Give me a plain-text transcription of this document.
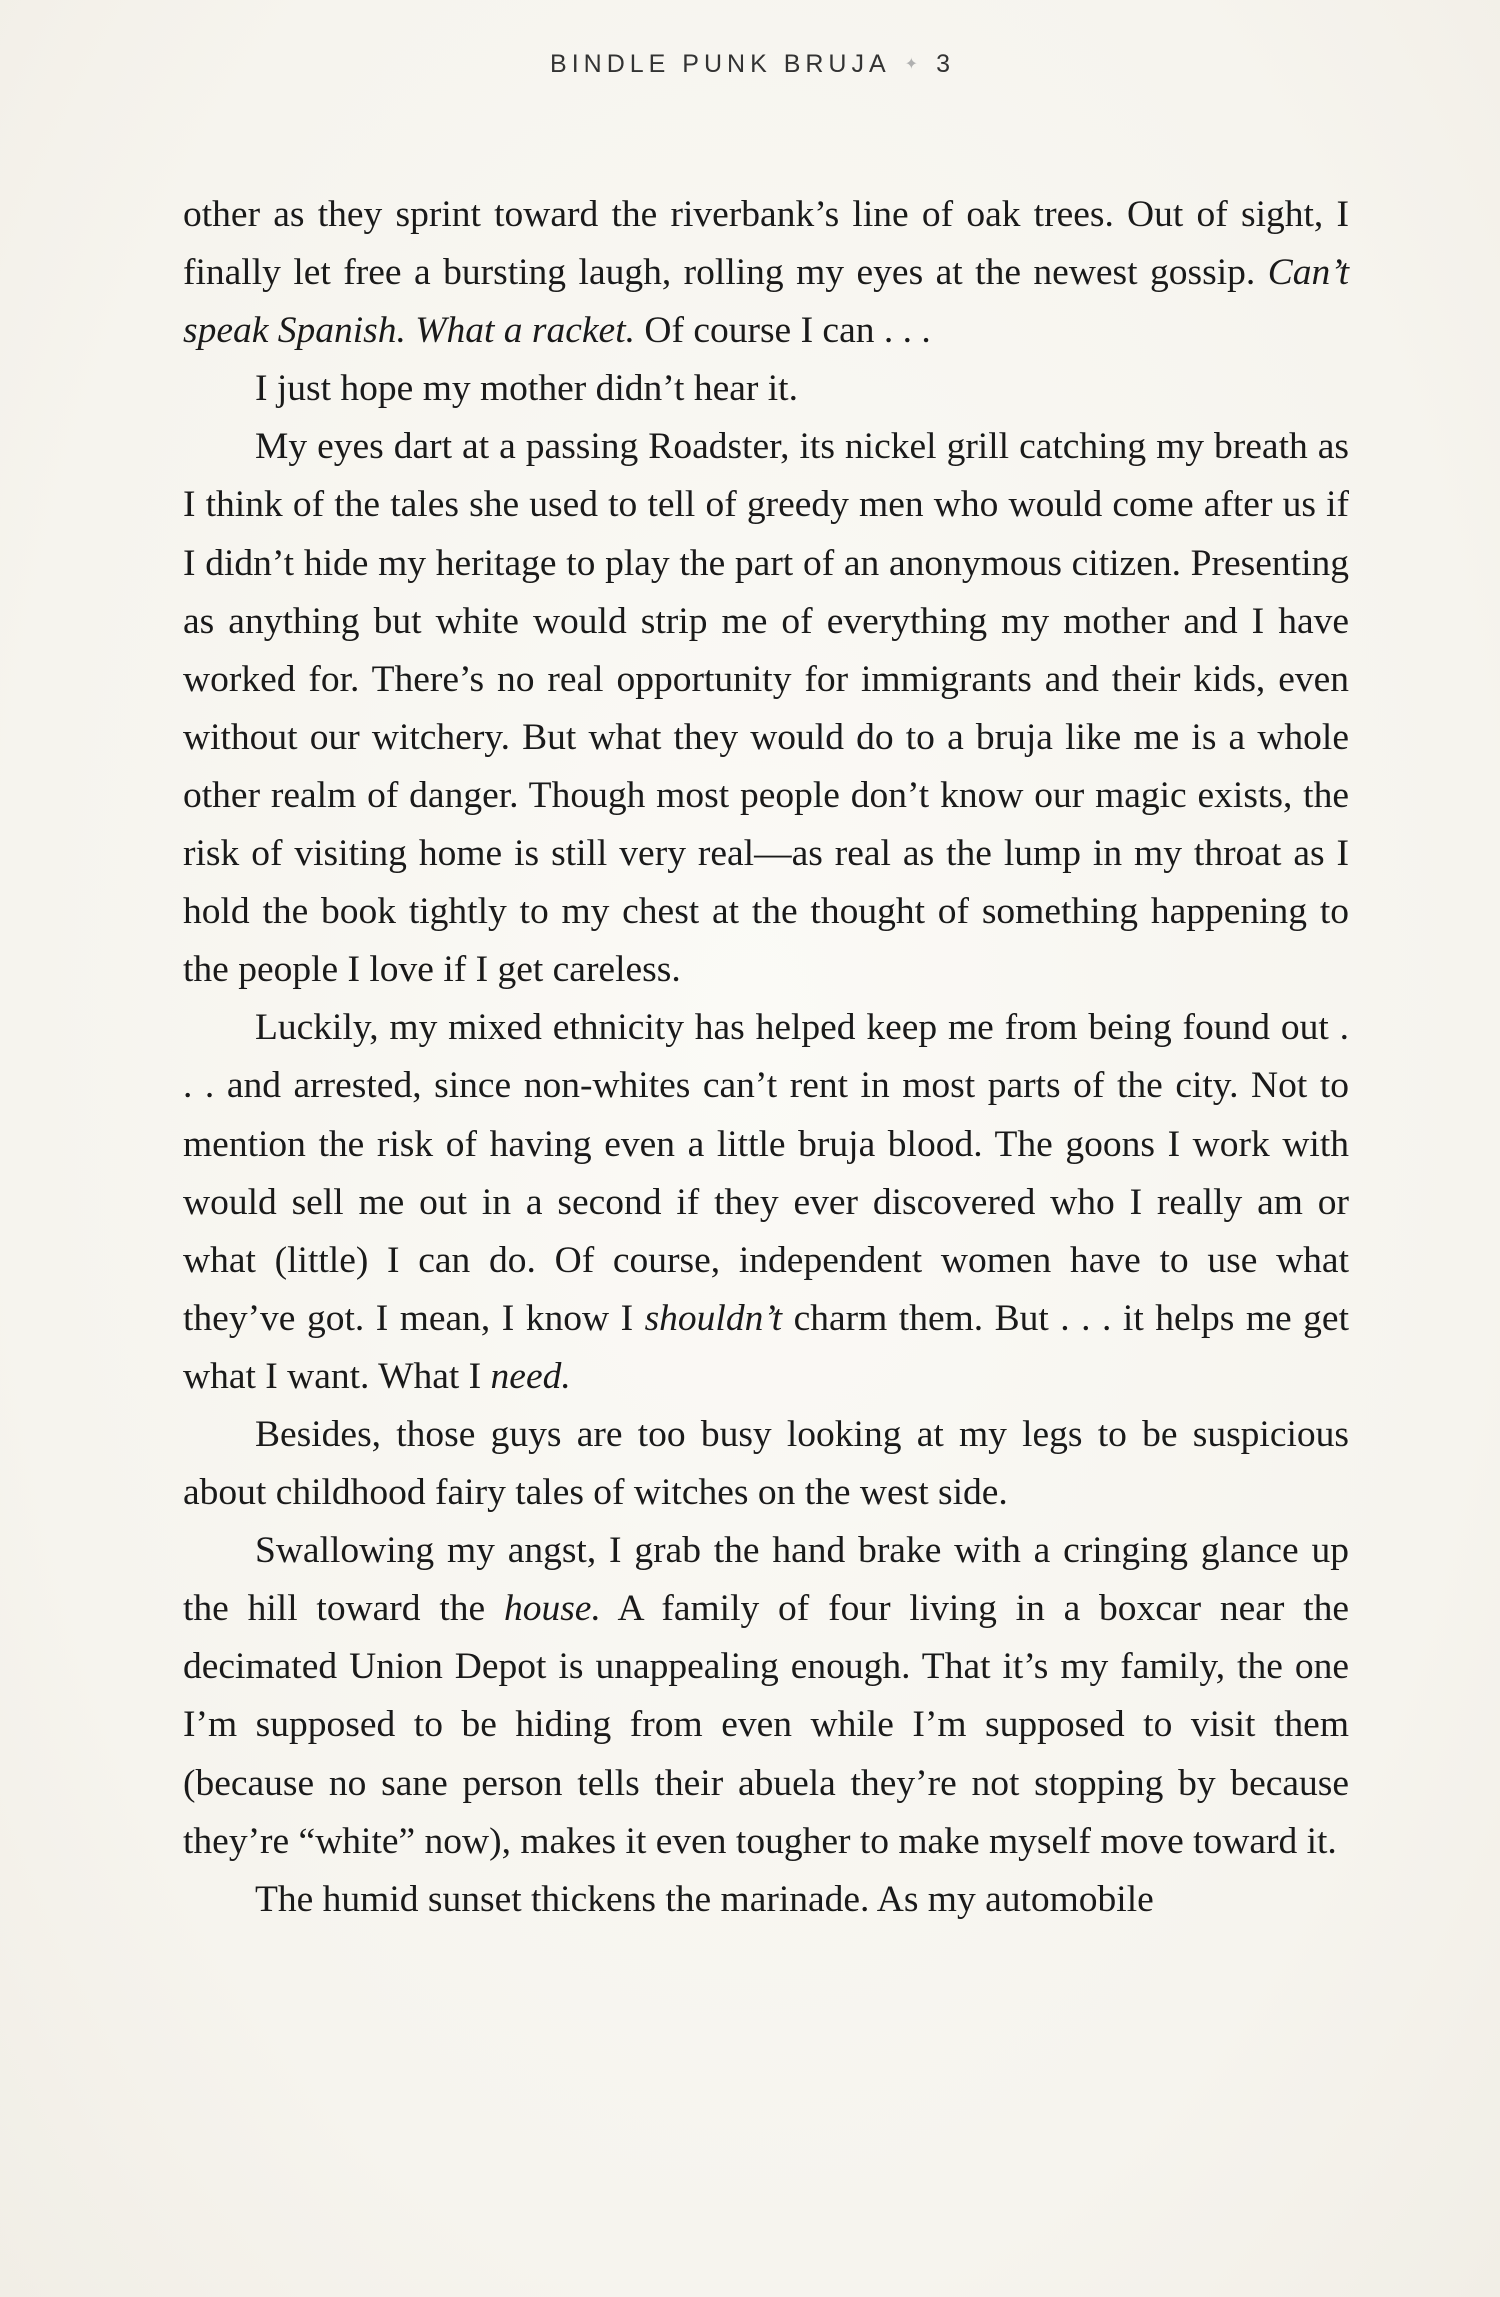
BINDLE PUNK BRUJA ✦ 3

other as they sprint toward the riverbank’s line of oak trees. Out of sight, I finally let free a bursting laugh, rolling my eyes at the newest gossip. Can’t speak Spanish. What a racket. Of course I can . . .

I just hope my mother didn’t hear it.

My eyes dart at a passing Roadster, its nickel grill catching my breath as I think of the tales she used to tell of greedy men who would come after us if I didn’t hide my heritage to play the part of an anonymous citizen. Presenting as anything but white would strip me of everything my mother and I have worked for. There’s no real opportunity for immigrants and their kids, even without our witchery. But what they would do to a bruja like me is a whole other realm of danger. Though most people don’t know our magic exists, the risk of visiting home is still very real—as real as the lump in my throat as I hold the book tightly to my chest at the thought of something happening to the people I love if I get careless.

Luckily, my mixed ethnicity has helped keep me from being found out . . . and arrested, since non-whites can’t rent in most parts of the city. Not to mention the risk of having even a little bruja blood. The goons I work with would sell me out in a second if they ever discovered who I really am or what (little) I can do. Of course, independent women have to use what they’ve got. I mean, I know I shouldn’t charm them. But . . . it helps me get what I want. What I need.

Besides, those guys are too busy looking at my legs to be suspicious about childhood fairy tales of witches on the west side.

Swallowing my angst, I grab the hand brake with a cringing glance up the hill toward the house. A family of four living in a boxcar near the decimated Union Depot is unappealing enough. That it’s my family, the one I’m supposed to be hiding from even while I’m supposed to visit them (because no sane person tells their abuela they’re not stopping by because they’re “white” now), makes it even tougher to make myself move toward it.

The humid sunset thickens the marinade. As my automobile
